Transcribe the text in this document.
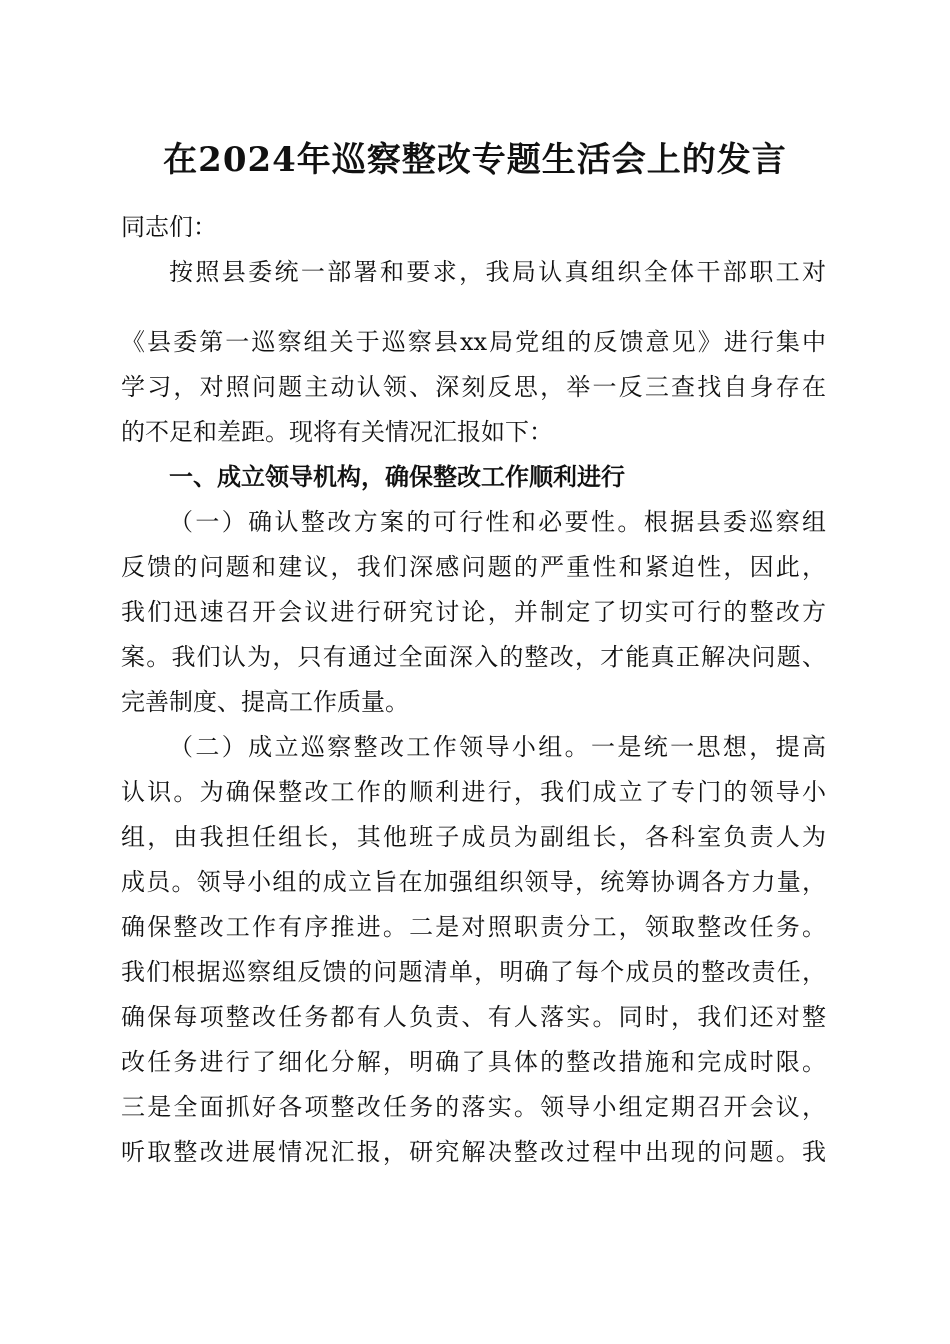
在2024年巡察整改专题生活会上的发言
同志们：
按照县委统一部署和要求，我局认真组织全体干部职工对
《县委第一巡察组关于巡察县xx局党组的反馈意见》进行集中
学习，对照问题主动认领、深刻反思，举一反三查找自身存在
的不足和差距。现将有关情况汇报如下：
一、成立领导机构，确保整改工作顺利进行
（一）确认整改方案的可行性和必要性。根据县委巡察组
反馈的问题和建议，我们深感问题的严重性和紧迫性，因此，
我们迅速召开会议进行研究讨论，并制定了切实可行的整改方
案。我们认为，只有通过全面深入的整改，才能真正解决问题、
完善制度、提高工作质量。
（二）成立巡察整改工作领导小组。一是统一思想，提高
认识。为确保整改工作的顺利进行，我们成立了专门的领导小
组，由我担任组长，其他班子成员为副组长，各科室负责人为
成员。领导小组的成立旨在加强组织领导，统筹协调各方力量，
确保整改工作有序推进。二是对照职责分工，领取整改任务。
我们根据巡察组反馈的问题清单，明确了每个成员的整改责任，
确保每项整改任务都有人负责、有人落实。同时，我们还对整
改任务进行了细化分解，明确了具体的整改措施和完成时限。
三是全面抓好各项整改任务的落实。领导小组定期召开会议，
听取整改进展情况汇报，研究解决整改过程中出现的问题。我
